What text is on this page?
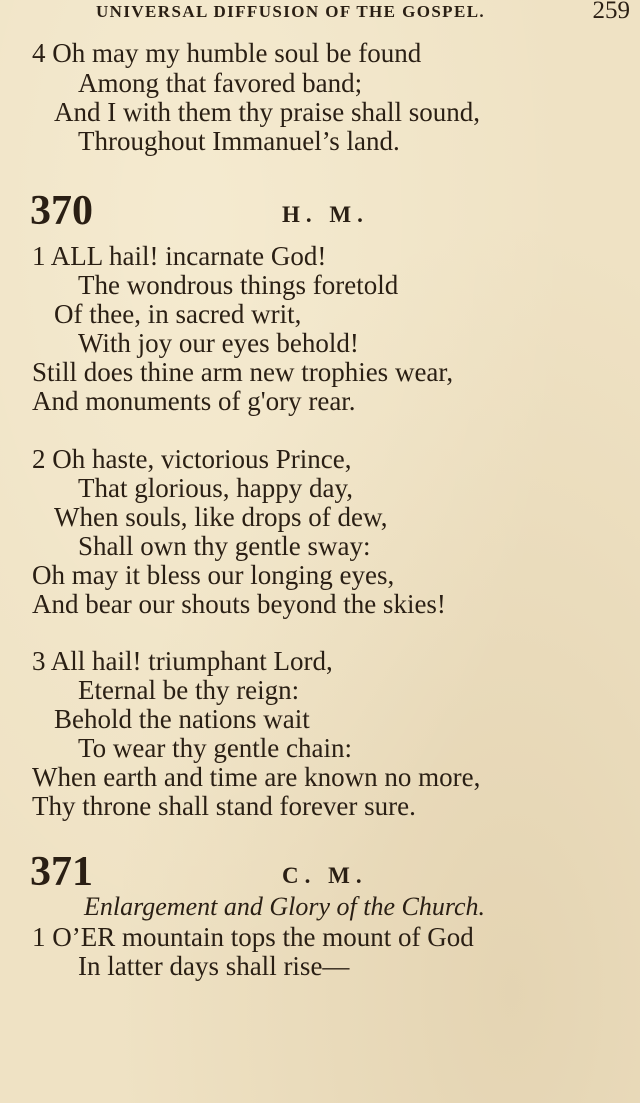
UNIVERSAL DIFFUSION OF THE GOSPEL.	259
4 Oh may my humble soul be found
Among that favored band;
And I with them thy praise shall sound,
Throughout Immanuel’s land.
370	H. M.
1 ALL hail! incarnate God!
The wondrous things foretold
Of thee, in sacred writ,
With joy our eyes behold!
Still does thine arm new trophies wear,
And monuments of g'ory rear.
2 Oh haste, victorious Prince,
That glorious, happy day,
When souls, like drops of dew,
Shall own thy gentle sway:
Oh may it bless our longing eyes,
And bear our shouts beyond the skies!
3 All hail! triumphant Lord,
Eternal be thy reign:
Behold the nations wait
To wear thy gentle chain:
When earth and time are known no more,
Thy throne shall stand forever sure.
371	C. M.
Enlargement and Glory of the Church.
1 O’ER mountain tops the mount of God
In latter days shall rise—
